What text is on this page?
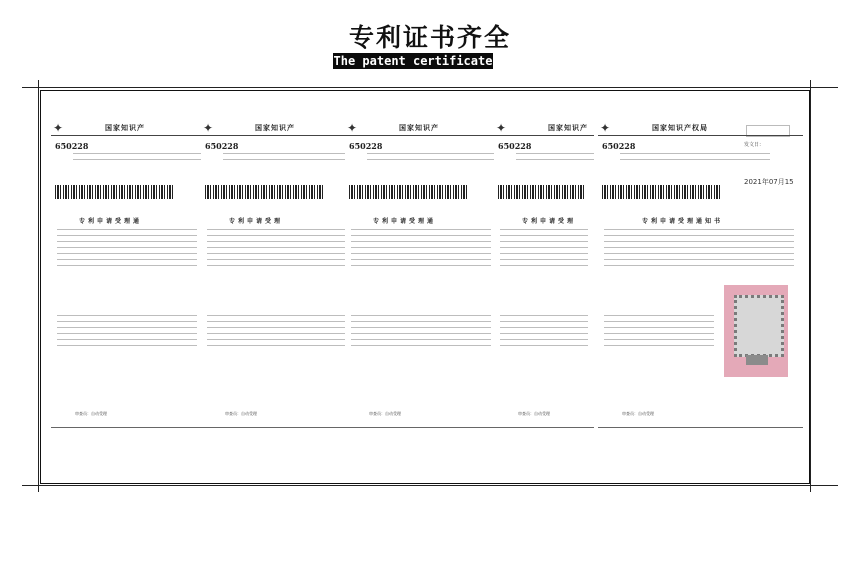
专利证书齐全
The patent certificate
✦	国家知识产
650228
专利申请受理通
审查员：自动受理
✦	国家知识产
650228
专利申请受理
审查员：自动受理
✦	国家知识产
650228
专利申请受理通
审查员：自动受理
✦	国家知识产
650228
专利申请受理
审查员：自动受理
✦	国家知识产权局
650228	发文日：
2021年07月15
专利申请受理通知书
审查员：自动受理
